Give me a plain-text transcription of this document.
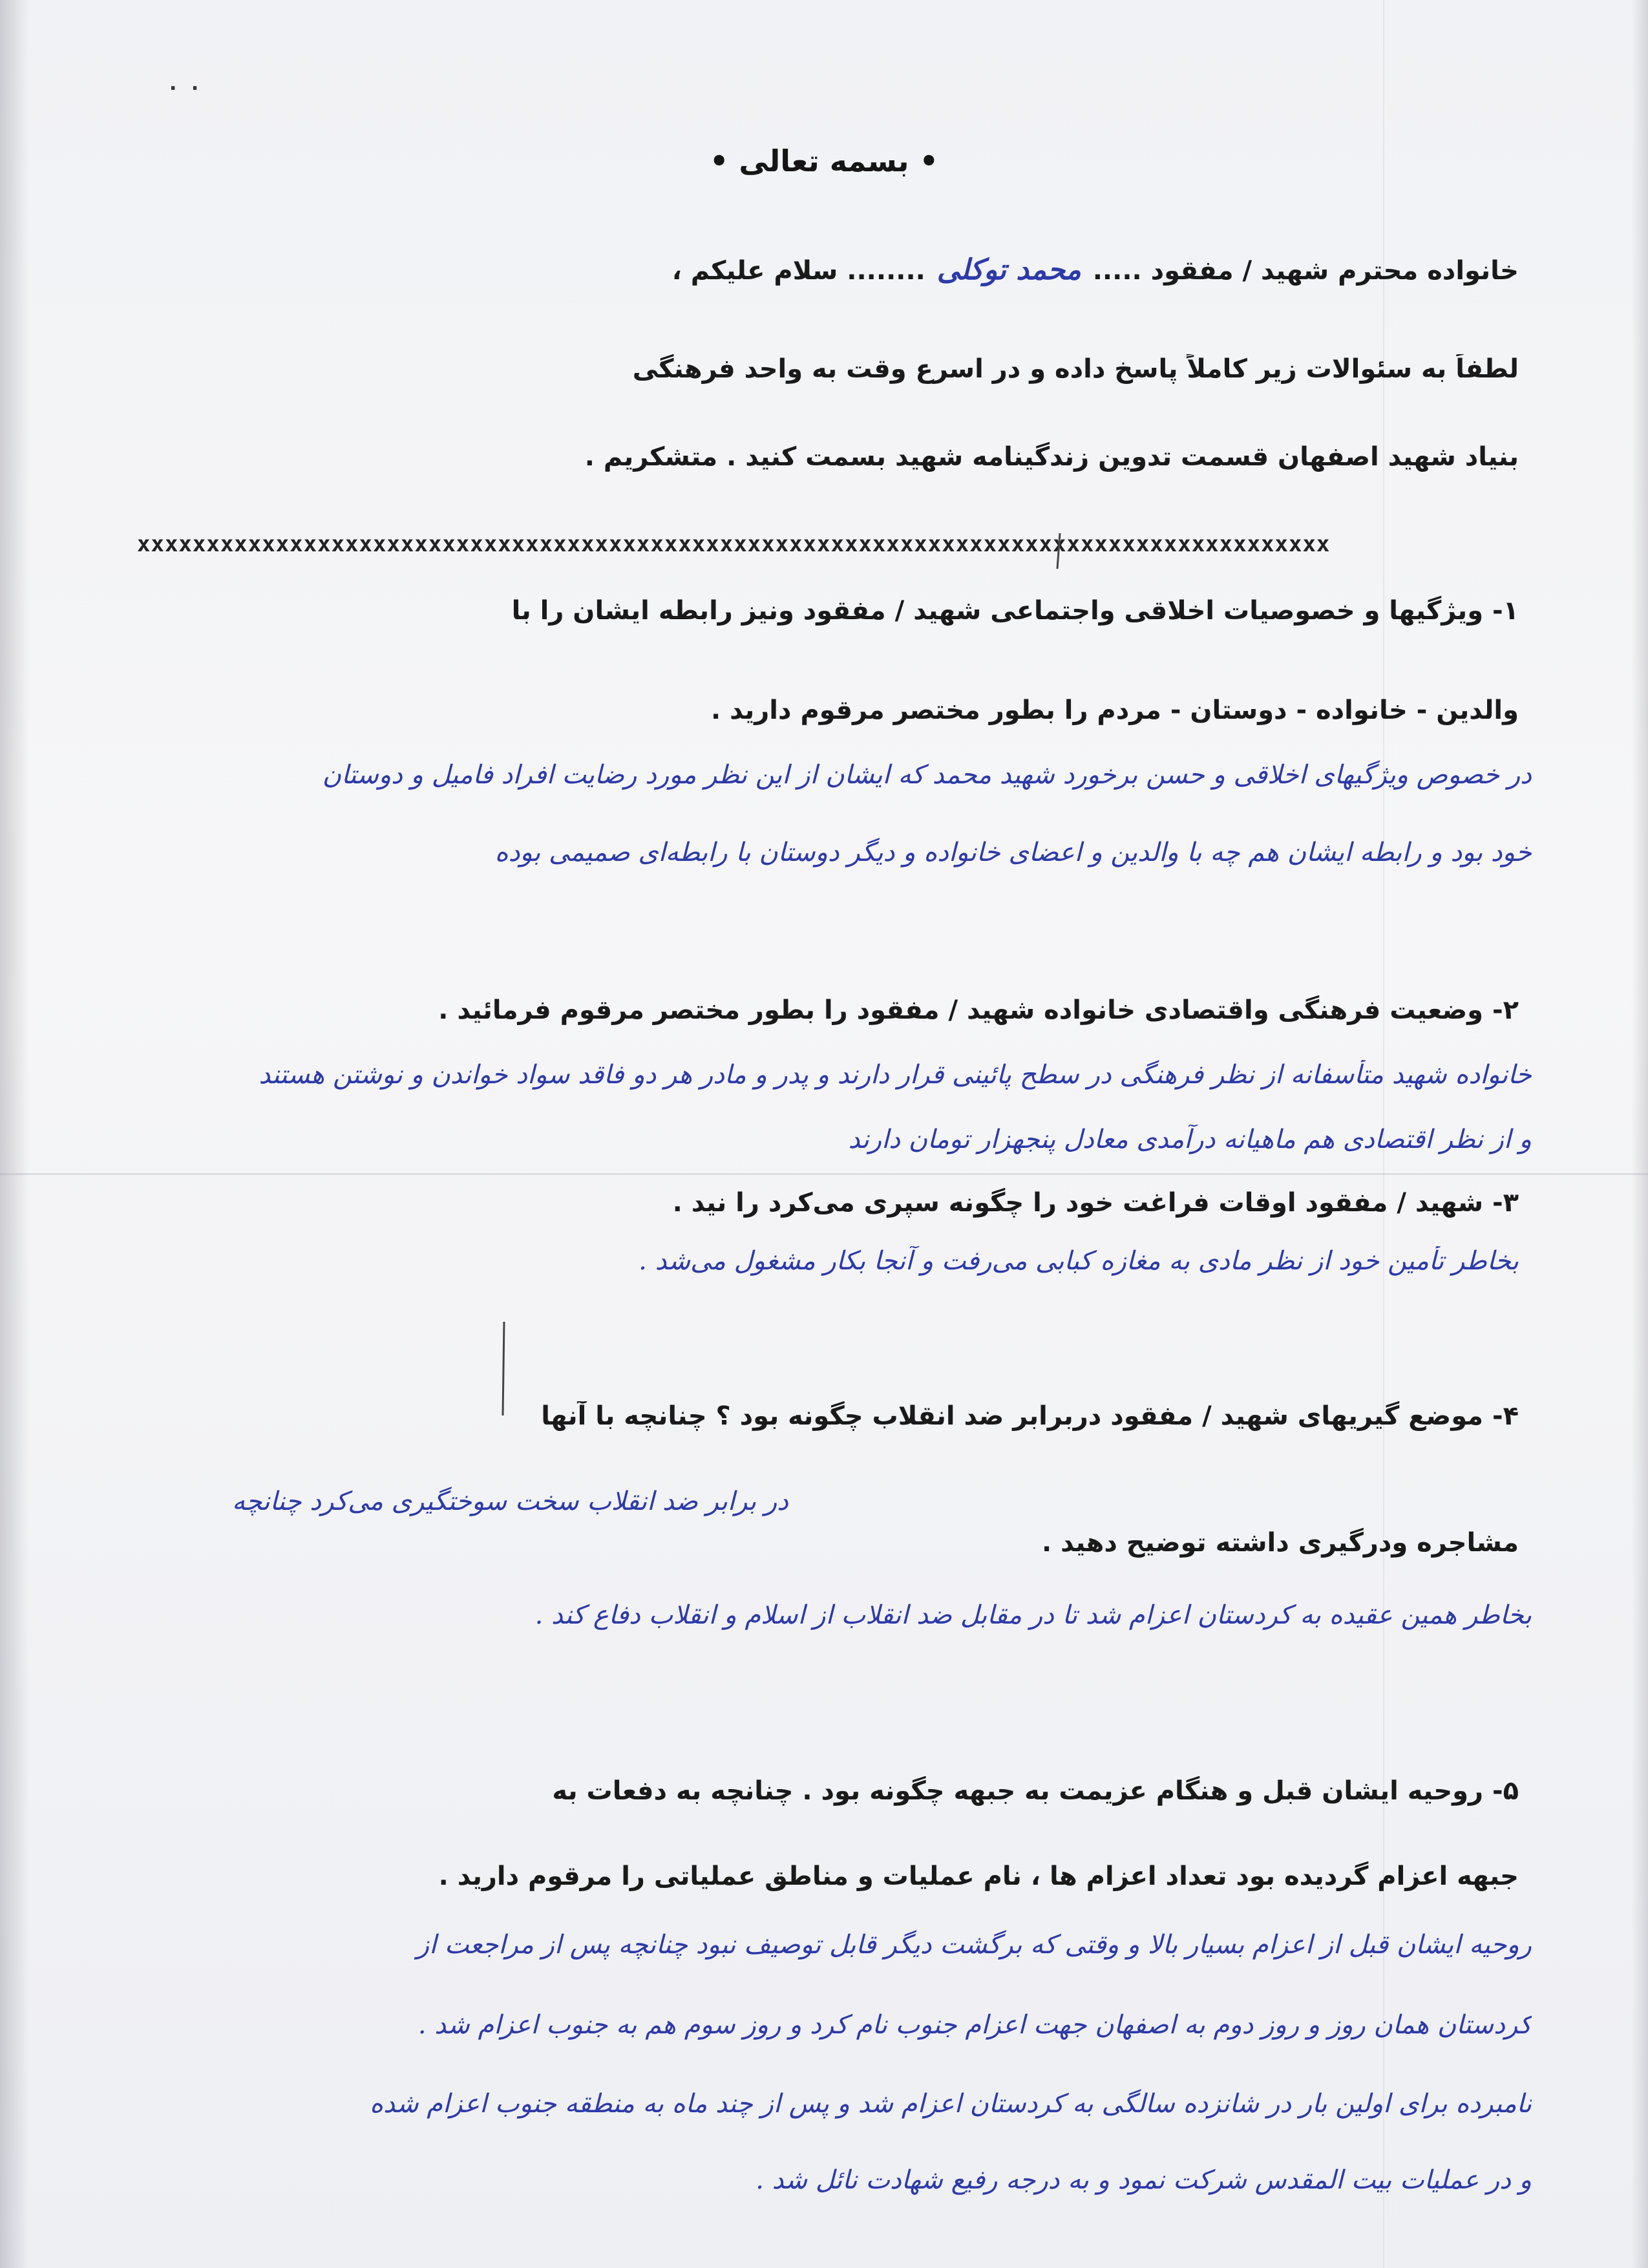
. .
• بسمه تعالی •
خانواده محترم شهید / مفقود ..... محمد توکلی ........ سلام علیکم ،
لطفاً به سئوالات زیر کاملاً پاسخ داده و در اسرع وقت به واحد فرهنگی
بنیاد شهید اصفهان قسمت تدوین زندگینامه شهید بسمت کنید . متشکریم .
xxxxxxxxxxxxxxxxxxxxxxxxxxxxxxxxxxxxxxxxxxxxxxxxxxxxxxxxxxxxxxxxxxxxxxxxxxxxxxxxxxxxxx
۱- ویژگیها و خصوصیات اخلاقی واجتماعی شهید / مفقود ونیز رابطه ایشان را با
والدین - خانواده - دوستان - مردم را بطور مختصر مرقوم دارید .
در خصوص ویژگیهای اخلاقی و حسن برخورد شهید محمد که ایشان از این نظر مورد رضایت افراد فامیل و دوستان
خود بود و رابطه ایشان هم چه با والدین و اعضای خانواده و دیگر دوستان با رابطه‌ای صمیمی بوده
۲- وضعیت فرهنگی واقتصادی خانواده شهید / مفقود را بطور مختصر مرقوم فرمائید .
خانواده شهید متأسفانه از نظر فرهنگی در سطح پائینی قرار دارند و پدر و مادر هر دو فاقد سواد خواندن و نوشتن هستند
و از نظر اقتصادی هم ماهیانه درآمدی معادل پنجهزار تومان دارند
۳- شهید / مفقود اوقات فراغت خود را چگونه سپری می‌کرد را نید .
بخاطر تأمین خود از نظر مادی به مغازه کبابی می‌رفت و آنجا بکار مشغول می‌شد .
۴- موضع گیریهای شهید / مفقود دربرابر ضد انقلاب چگونه بود ؟ چنانچه با آنها
مشاجره ودرگیری داشته توضیح دهید .
در برابر ضد انقلاب سخت سوختگیری می‌کرد چنانچه
بخاطر همین عقیده به کردستان اعزام شد تا در مقابل ضد انقلاب از اسلام و انقلاب دفاع کند .
۵- روحیه ایشان قبل و هنگام عزیمت به جبهه چگونه بود . چنانچه به دفعات به
جبهه اعزام گردیده بود تعداد اعزام ها ، نام عملیات و مناطق عملیاتی را مرقوم دارید .
روحیه ایشان قبل از اعزام بسیار بالا و وقتی که برگشت دیگر قابل توصیف نبود چنانچه پس از مراجعت از
کردستان همان روز و روز دوم به اصفهان جهت اعزام جنوب نام کرد و روز سوم هم به جنوب اعزام شد .
نامبرده برای اولین بار در شانزده سالگی به کردستان اعزام شد و پس از چند ماه به منطقه جنوب اعزام شده
و در عملیات بیت المقدس شرکت نمود و به درجه رفیع شهادت نائل شد .
